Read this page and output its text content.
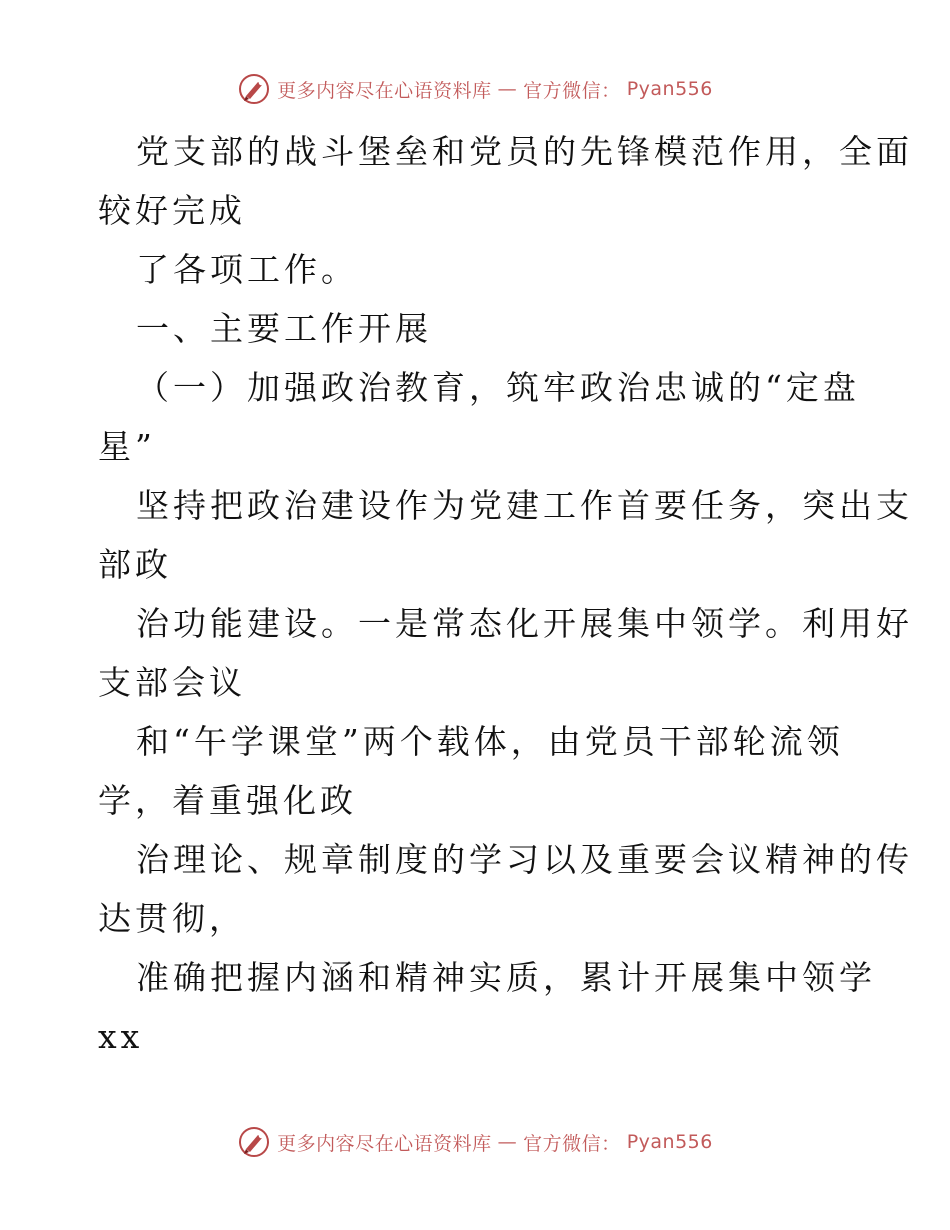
更多内容尽在心语资料库 — 官方微信： Pyan556

党支部的战斗堡垒和党员的先锋模范作用，全面
较好完成

了各项工作。

一、主要工作开展

（一）加强政治教育，筑牢政治忠诚的“定盘
星”

坚持把政治建设作为党建工作首要任务，突出支
部政

治功能建设。一是常态化开展集中领学。利用好
支部会议

和“午学课堂”两个载体，由党员干部轮流领
学，着重强化政

治理论、规章制度的学习以及重要会议精神的传
达贯彻，

准确把握内涵和精神实质，累计开展集中领学
xx

更多内容尽在心语资料库 — 官方微信： Pyan556
